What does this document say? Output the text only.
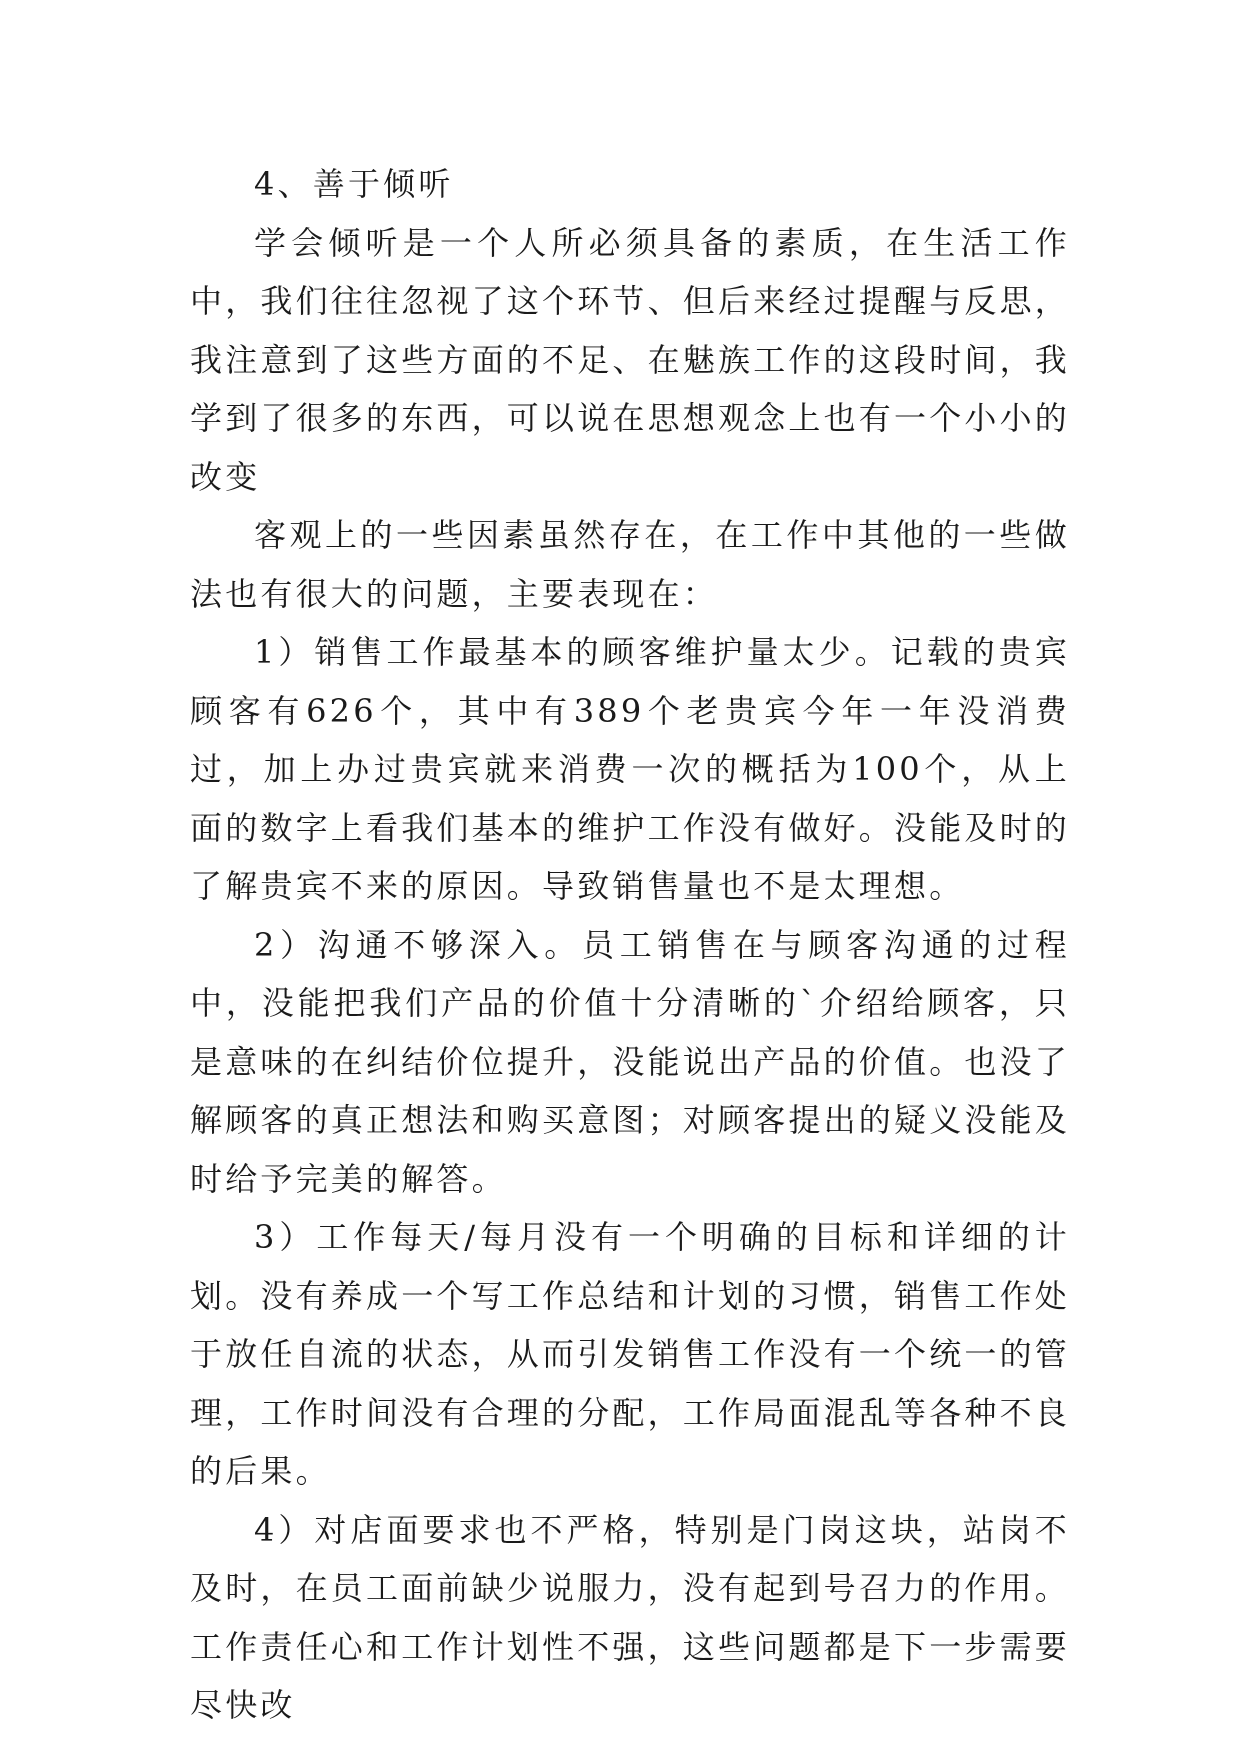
4、善于倾听

学会倾听是一个人所必须具备的素质，在生活工作中，我们往往忽视了这个环节、但后来经过提醒与反思，我注意到了这些方面的不足、在魅族工作的这段时间，我学到了很多的东西，可以说在思想观念上也有一个小小的改变

客观上的一些因素虽然存在，在工作中其他的一些做法也有很大的问题，主要表现在：

1）销售工作最基本的顾客维护量太少。记载的贵宾顾客有626个，其中有389个老贵宾今年一年没消费过，加上办过贵宾就来消费一次的概括为100个，从上面的数字上看我们基本的维护工作没有做好。没能及时的了解贵宾不来的原因。导致销售量也不是太理想。

2）沟通不够深入。员工销售在与顾客沟通的过程中，没能把我们产品的价值十分清晰的`介绍给顾客，只是意味的在纠结价位提升，没能说出产品的价值。也没了解顾客的真正想法和购买意图；对顾客提出的疑义没能及时给予完美的解答。

3）工作每天/每月没有一个明确的目标和详细的计划。没有养成一个写工作总结和计划的习惯，销售工作处于放任自流的状态，从而引发销售工作没有一个统一的管理，工作时间没有合理的分配，工作局面混乱等各种不良的后果。

4）对店面要求也不严格，特别是门岗这块，站岗不及时，在员工面前缺少说服力，没有起到号召力的作用。工作责任心和工作计划性不强，这些问题都是下一步需要尽快改
